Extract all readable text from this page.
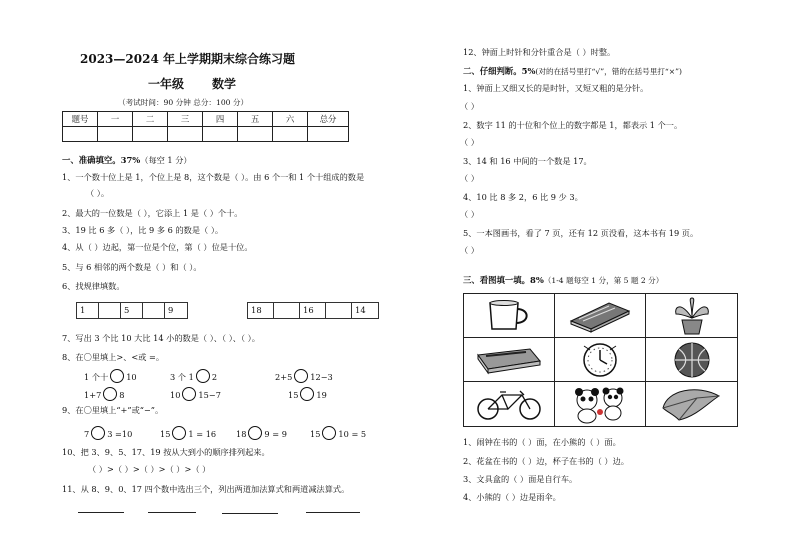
2023—2024 年上学期期末综合练习题
一年级 数学
（考试时间：90 分钟 总分：100 分）
题号	一	二	三	四	五	六	总分

一、准确填空。37%（每空 1 分）
1、一个数十位上是 1，个位上是 8，这个数是（ ）。由 6 个一和 1 个十组成的数是
（ ）。
2、最大的一位数是（ ），它添上 1 是（ ）个十。
3、19 比 6 多（ ），比 9 多 6 的数是（ ）。
4、从（ ）边起，第一位是个位，第（ ）位是十位。
5、与 6 相邻的两个数是（ ）和（ ）。
6、找规律填数。
1	5	9	18	16	14
7、写出 3 个比 10 大比 14 小的数是（ ）、（ ）、（ ）。
8、在〇里填上>、<或 =。
1 个十 10	3 个 1 2	2+5 12−3
1+7 8	10 15−7	15 19
9、在〇里填上“+”或“−”。
7 3 =10	15 1 = 16 18 9 = 9	15 10 = 5
10、把 3、9、5、17、19 按从大到小的顺序排列起来。
（ ）>（ ）>（ ）>（ ）>（ ）
11、从 8、9、0、17 四个数中选出三个，列出两道加法算式和两道减法算式。
12、钟面上时针和分针重合是（ ）时整。
二、仔细判断。5%(对的在括号里打“√”，错的在括号里打“×”)
1、钟面上又细又长的是时针，又短又粗的是分针。
（ ）
2、数字 11 的十位和个位上的数字都是 1，都表示 1 个一。
（ ）
3、14 和 16 中间的一个数是 17。
（ ）
4、10 比 8 多 2，6 比 9 少 3。
（ ）
5、一本图画书，看了 7 页，还有 12 页没看，这本书有 19 页。
（ ）
三、看图填一填。8%（1-4 题每空 1 分，第 5 题 2 分）
1、闹钟在书的（ ）面，在小熊的（ ）面。
2、花盆在书的（ ）边，杯子在书的（ ）边。
3、文具盒的（ ）面是自行车。
4、小熊的（ ）边是雨伞。
